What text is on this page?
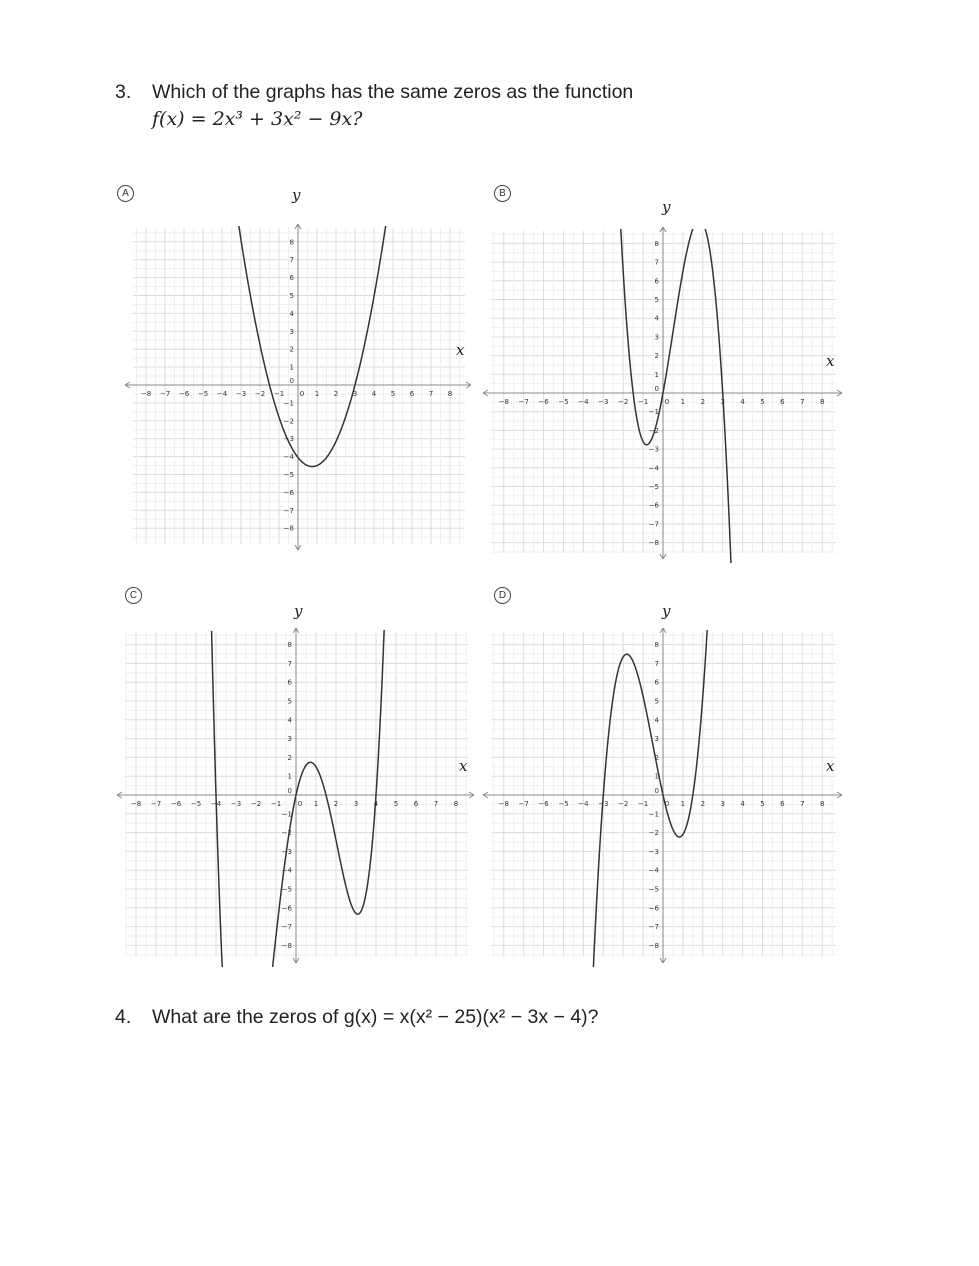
3. Which of the graphs has the same zeros as the function
f(x) = 2x³ + 3x² − 9x?
A	B
C	D
−8 −7 −6 −5 −4 −3 −2 −1 0 1 2 3 4 5 6 7 8
8
7
6
5
4
3
2
1
−1
−2
−3
−4
−5
−6
−7
−8
0
x
y
−8 −7 −6 −5 −4 −3 −2 −1 0 1 2 3 4 5 6 7 8
8
7
6
5
4
3
2
1
−1
−2
−3
−4
−5
−6
−7
−8
0
x
y
−8 −7 −6 −5 −4 −3 −2 −1 0 1 2 3 4 5 6 7 8
8
7
6
5
4
3
2
1
−1
−2
−3
−4
−5
−6
−7
−8
0
x
y
−8 −7 −6 −5 −4 −3 −2 −1 0 1 2 3 4 5 6 7 8
8
7
6
5
4
3
2
1
−1
−2
−3
−4
−5
−6
−7
−8
0
x
y
4. What are the zeros of g(x) = x(x² − 25)(x² − 3x − 4)?
